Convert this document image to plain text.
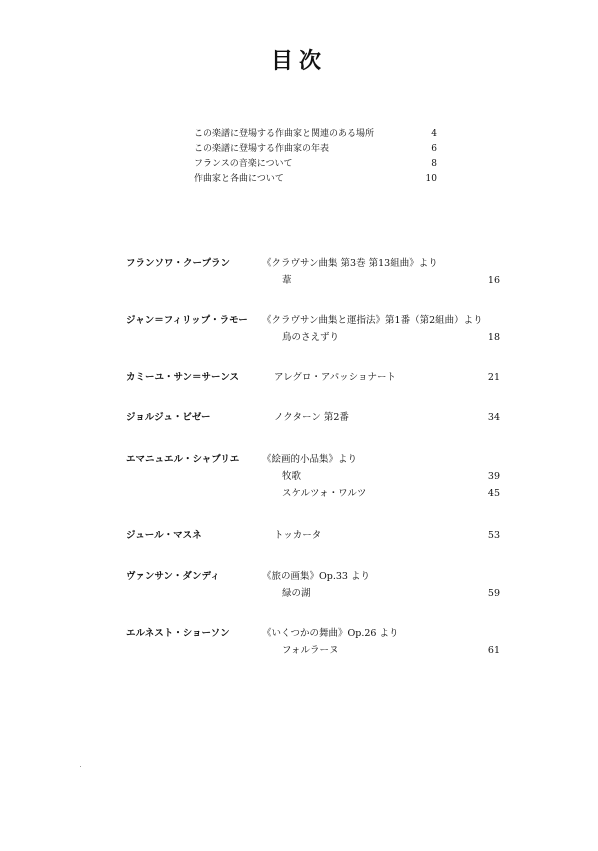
目次
この楽譜に登場する作曲家と関連のある場所	4
この楽譜に登場する作曲家の年表	6
フランスの音楽について	8
作曲家と各曲について	10
フランソワ・クープラン	《クラヴサン曲集 第3巻 第13組曲》より
葦	16
ジャン＝フィリップ・ラモー 《クラヴサン曲集と運指法》第1番（第2組曲）より
鳥のさえずり	18
カミーユ・サン＝サーンス	アレグロ・アパッショナート	21
ジョルジュ・ビゼー	ノクターン 第2番	34
エマニュエル・シャブリエ 《絵画的小品集》より
牧歌	39
スケルツォ・ワルツ	45
ジュール・マスネ	トッカータ	53
ヴァンサン・ダンディ	《旅の画集》Op.33 より
緑の湖	59
エルネスト・ショーソン	《いくつかの舞曲》Op.26 より
フォルラーヌ	61
